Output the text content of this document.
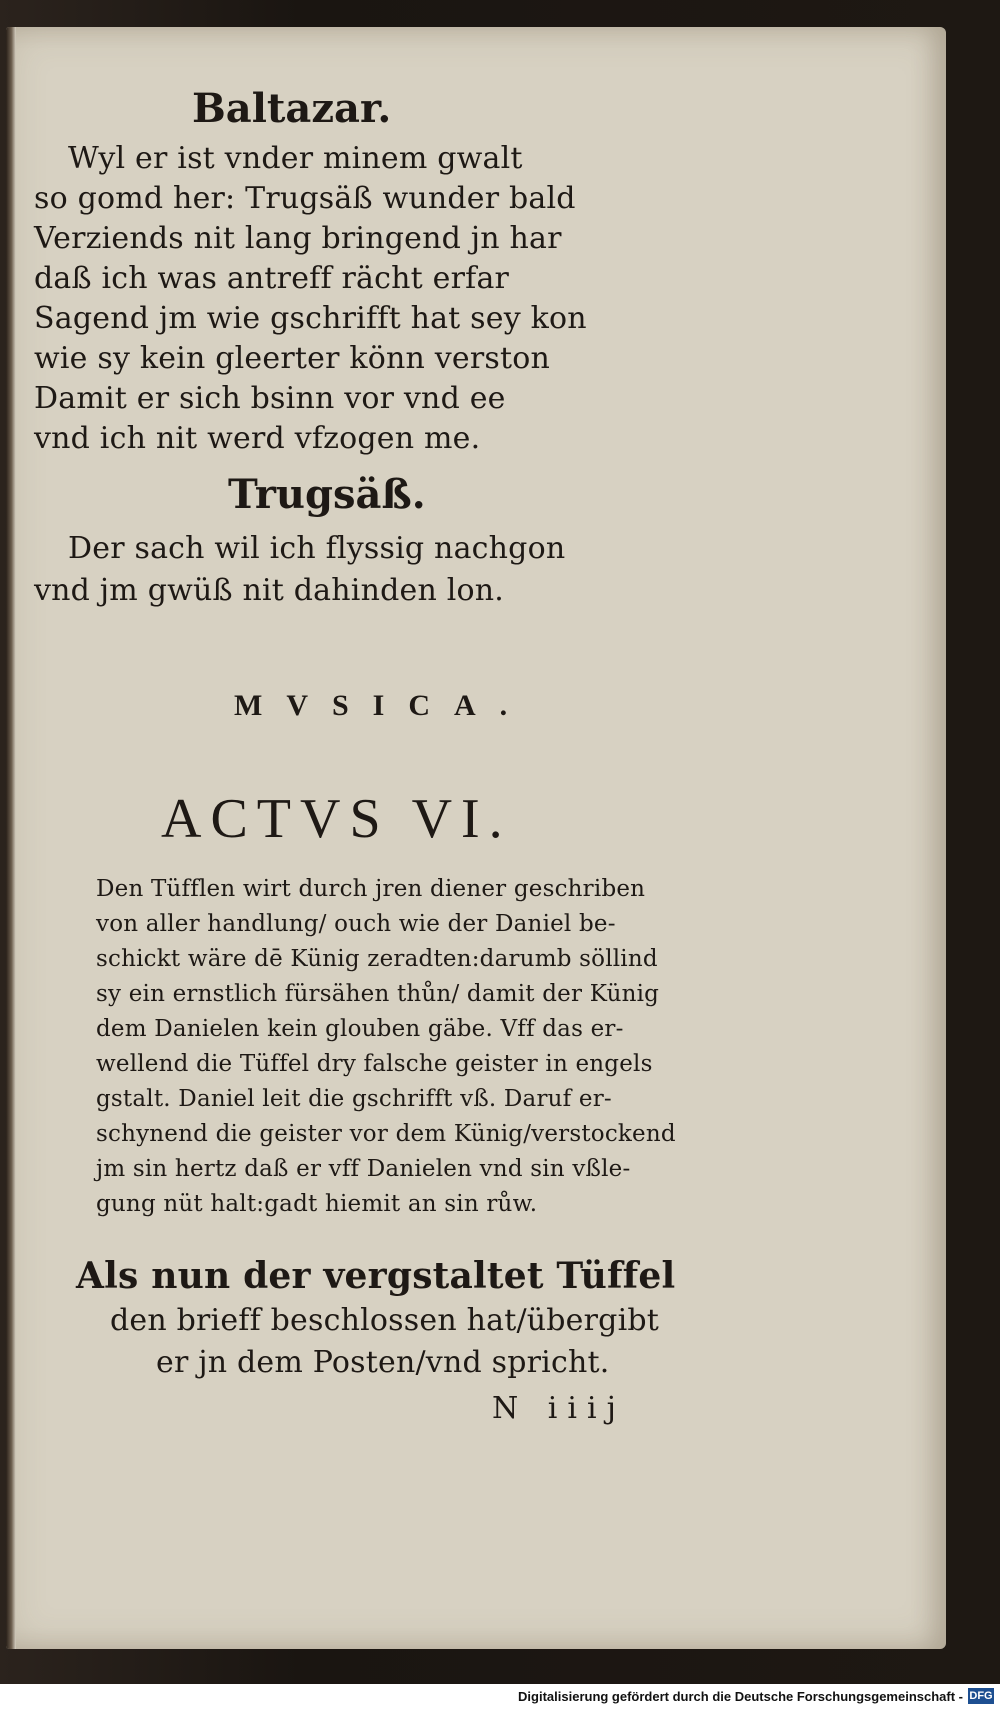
Baltazar.
Wyl er ist vnder minem gwalt
so gomd her: Trugsäß wunder bald
Verziends nit lang bringend jn har
daß ich was antreff rächt erfar
Sagend jm wie gschrifft hat sey kon
wie sy kein gleerter könn verston
Damit er sich bsinn vor vnd ee
vnd ich nit werd vfzogen me.
Trugsäß.
Der sach wil ich flyssig nachgon
vnd jm gwüß nit dahinden lon.
MVSICA.
ACTVS VI.
Den Tüfflen wirt durch jren diener geschriben
von aller handlung/ ouch wie der Daniel be-
schickt wäre dē Künig zeradten:darumb söllind
sy ein ernstlich fürsähen thůn/ damit der Künig
dem Danielen kein glouben gäbe. Vff das er-
wellend die Tüffel dry falsche geister in engels
gstalt. Daniel leit die gschrifft vß. Daruf er-
schynend die geister vor dem Künig/verstockend
jm sin hertz daß er vff Danielen vnd sin vßle-
gung nüt halt:gadt hiemit an sin růw.
Als nun der vergstaltet Tüffel
den brieff beschlossen hat/übergibt
er jn dem Posten/vnd spricht.
N iiij
Digitalisierung gefördert durch die Deutsche Forschungsgemeinschaft - DFG
